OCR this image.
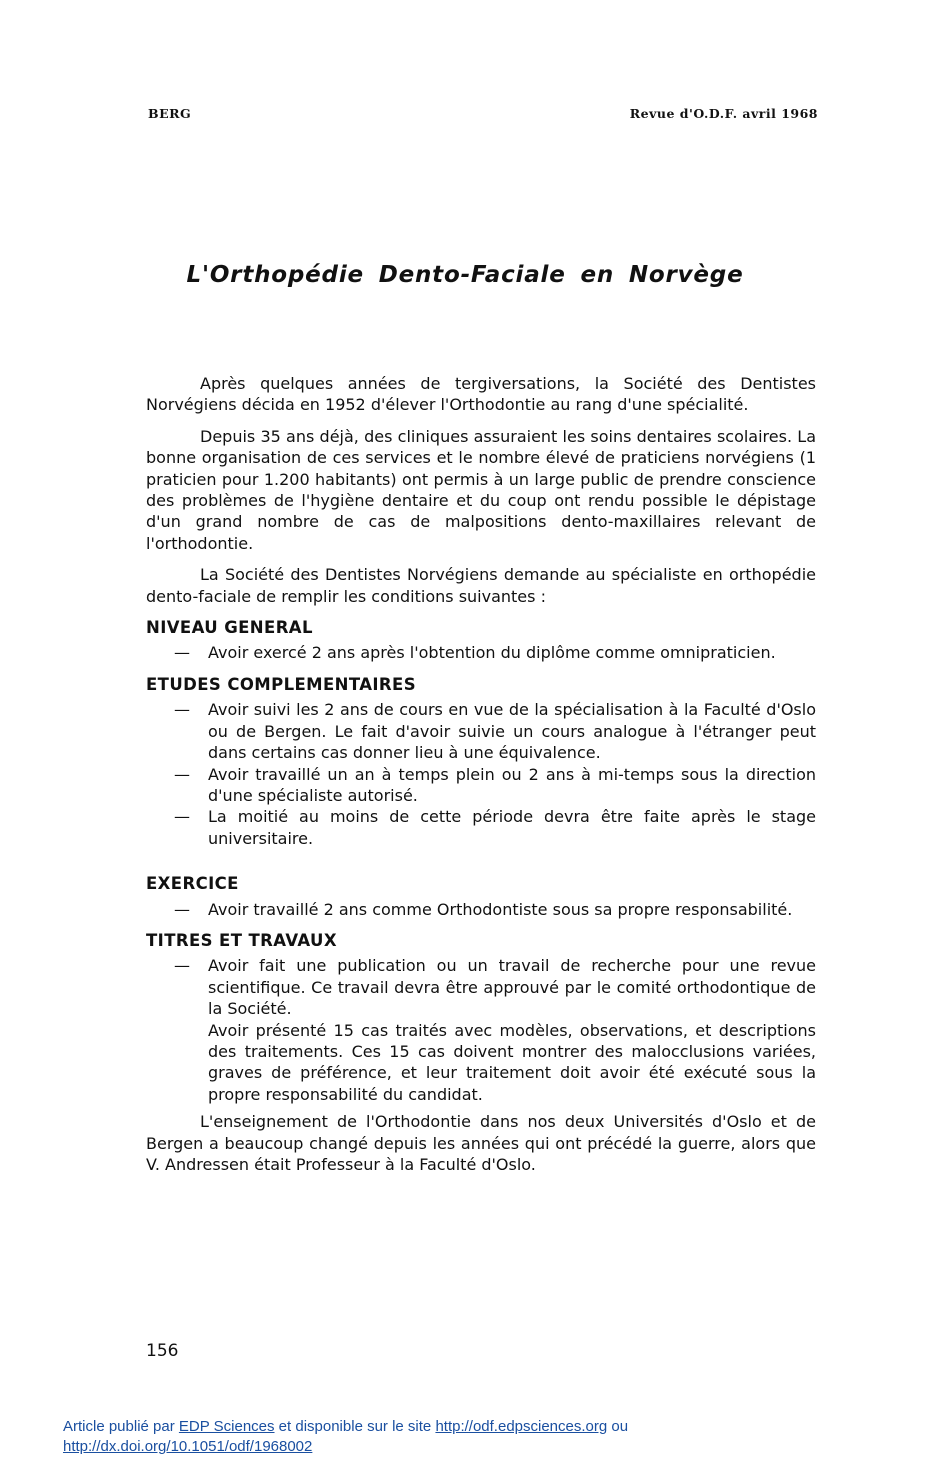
BERG	Revue d'O.D.F. avril 1968
L'Orthopédie Dento-Faciale en Norvège

Après quelques années de tergiversations, la Société des Dentistes Norvégiens décida en 1952 d'élever l'Orthodontie au rang d'une spécialité.

Depuis 35 ans déjà, des cliniques assuraient les soins dentaires scolaires. La bonne organisation de ces services et le nombre élevé de praticiens norvégiens (1 praticien pour 1.200 habitants) ont permis à un large public de prendre conscience des problèmes de l'hygiène dentaire et du coup ont rendu possible le dépistage d'un grand nombre de cas de malpositions dento-maxillaires relevant de l'orthodontie.

La Société des Dentistes Norvégiens demande au spécialiste en orthopédie dento-faciale de remplir les conditions suivantes :

NIVEAU GENERAL
— Avoir exercé 2 ans après l'obtention du diplôme comme omnipraticien.
ETUDES COMPLEMENTAIRES
— Avoir suivi les 2 ans de cours en vue de la spécialisation à la Faculté d'Oslo ou de Bergen. Le fait d'avoir suivie un cours analogue à l'étranger peut dans certains cas donner lieu à une équivalence.
— Avoir travaillé un an à temps plein ou 2 ans à mi-temps sous la direction d'une spécialiste autorisé.
— La moitié au moins de cette période devra être faite après le stage universitaire.
EXERCICE
— Avoir travaillé 2 ans comme Orthodontiste sous sa propre responsabilité.
TITRES ET TRAVAUX
— Avoir fait une publication ou un travail de recherche pour une revue scientifique. Ce travail devra être approuvé par le comité orthodontique de la Société.
Avoir présenté 15 cas traités avec modèles, observations, et descriptions des traitements. Ces 15 cas doivent montrer des malocclusions variées, graves de préférence, et leur traitement doit avoir été exécuté sous la propre responsabilité du candidat.

L'enseignement de l'Orthodontie dans nos deux Universités d'Oslo et de Bergen a beaucoup changé depuis les années qui ont précédé la guerre, alors que V. Andressen était Professeur à la Faculté d'Oslo.

156
Article publié par EDP Sciences et disponible sur le site http://odf.edpsciences.org ou
http://dx.doi.org/10.1051/odf/1968002
